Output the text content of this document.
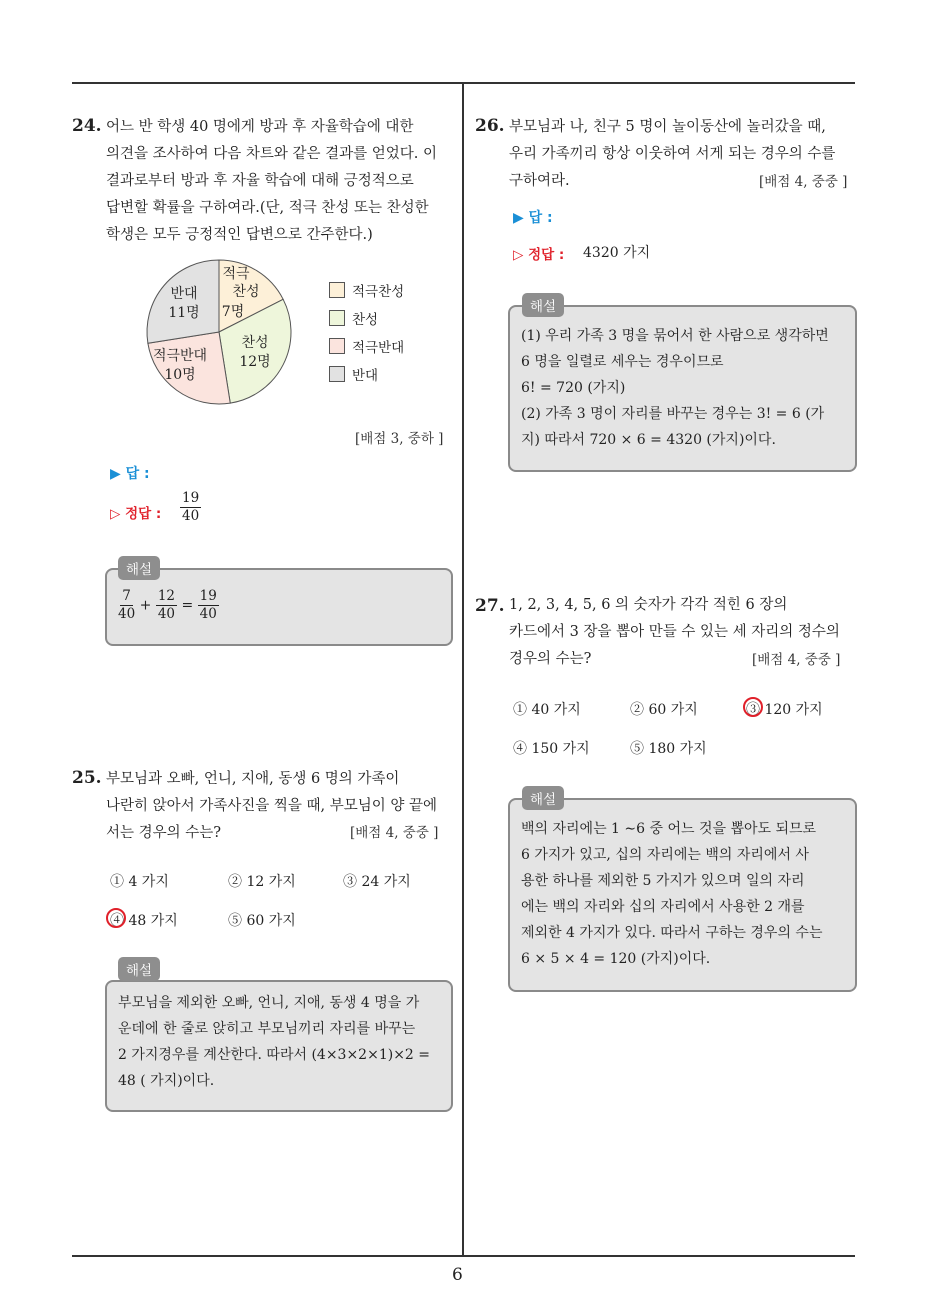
6
24. 어느 반 학생 40 명에게 방과 후 자율학습에 대한
의견을 조사하여 다음 차트와 같은 결과를 얻었다. 이
결과로부터 방과 후 자율 학습에 대해 긍정적으로
답변할 확률을 구하여라.(단, 적극 찬성 또는 찬성한
학생은 모두 긍정적인 답변으로 간주한다.)
적극
찬성
7명
찬성
12명
적극반대
10명
반대
11명
적극찬성
찬성
적극반대
반대
[배점 3, 중하 ]
▶ 답 :
▷ 정답 : $\frac{19}{40}$
해설
$\frac{7}{40} + \frac{12}{40} = \frac{19}{40}$
25. 부모님과 오빠, 언니, 지애, 동생 6 명의 가족이
나란히 앉아서 가족사진을 찍을 때, 부모님이 양 끝에
서는 경우의 수는?	[배점 4, 중중 ]
① 4 가지	② 12 가지	③ 24 가지
④ 48 가지	⑤ 60 가지
해설
부모님을 제외한 오빠, 언니, 지애, 동생 4 명을 가
운데에 한 줄로 앉히고 부모님끼리 자리를 바꾸는
2 가지경우를 계산한다. 따라서 (4×3×2×1)×2 =
48 ( 가지)이다.
26. 부모님과 나, 친구 5 명이 놀이동산에 놀러갔을 때,
우리 가족끼리 항상 이웃하여 서게 되는 경우의 수를
구하여라.	[배점 4, 중중 ]
▶ 답 :
▷ 정답 : 4320 가지
해설
(1) 우리 가족 3 명을 묶어서 한 사람으로 생각하면
6 명을 일렬로 세우는 경우이므로
6! = 720 (가지)
(2) 가족 3 명이 자리를 바꾸는 경우는 3! = 6 (가
지) 따라서 720 × 6 = 4320 (가지)이다.
27. 1, 2, 3, 4, 5, 6 의 숫자가 각각 적힌 6 장의
카드에서 3 장을 뽑아 만들 수 있는 세 자리의 정수의
경우의 수는?	[배점 4, 중중 ]
① 40 가지	② 60 가지	③ 120 가지
④ 150 가지	⑤ 180 가지
해설
백의 자리에는 1 ∼6 중 어느 것을 뽑아도 되므로
6 가지가 있고, 십의 자리에는 백의 자리에서 사
용한 하나를 제외한 5 가지가 있으며 일의 자리
에는 백의 자리와 십의 자리에서 사용한 2 개를
제외한 4 가지가 있다. 따라서 구하는 경우의 수는
6 × 5 × 4 = 120 (가지)이다.
